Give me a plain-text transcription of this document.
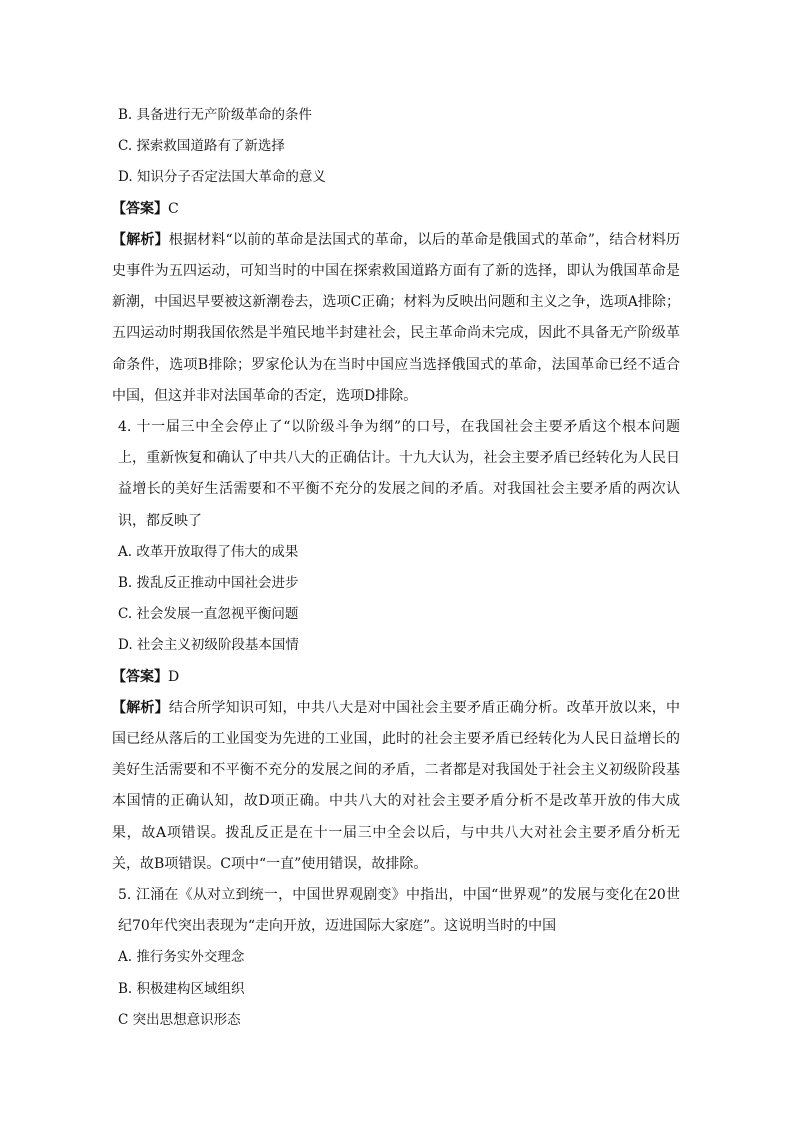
B. 具备进行无产阶级革命的条件
C. 探索救国道路有了新选择
D. 知识分子否定法国大革命的意义
【答案】C
【解析】根据材料“以前的革命是法国式的革命，以后的革命是俄国式的革命”，结合材料历史事件为五四运动，可知当时的中国在探索救国道路方面有了新的选择，即认为俄国革命是新潮，中国迟早要被这新潮卷去，选项C正确；材料为反映出问题和主义之争，选项A排除；五四运动时期我国依然是半殖民地半封建社会，民主革命尚未完成，因此不具备无产阶级革命条件，选项B排除；罗家伦认为在当时中国应当选择俄国式的革命，法国革命已经不适合中国，但这并非对法国革命的否定，选项D排除。
4. 十一届三中全会停止了“以阶级斗争为纲”的口号，在我国社会主要矛盾这个根本问题上，重新恢复和确认了中共八大的正确估计。十九大认为，社会主要矛盾已经转化为人民日益增长的美好生活需要和不平衡不充分的发展之间的矛盾。对我国社会主要矛盾的两次认识，都反映了
A. 改革开放取得了伟大的成果
B. 拨乱反正推动中国社会进步
C. 社会发展一直忽视平衡问题
D. 社会主义初级阶段基本国情
【答案】D
【解析】结合所学知识可知，中共八大是对中国社会主要矛盾正确分析。改革开放以来，中国已经从落后的工业国变为先进的工业国，此时的社会主要矛盾已经转化为人民日益增长的美好生活需要和不平衡不充分的发展之间的矛盾，二者都是对我国处于社会主义初级阶段基本国情的正确认知，故D项正确。中共八大的对社会主要矛盾分析不是改革开放的伟大成果，故A项错误。拨乱反正是在十一届三中全会以后，与中共八大对社会主要矛盾分析无关，故B项错误。C项中“一直”使用错误，故排除。
5. 江涌在《从对立到统一，中国世界观剧变》中指出，中国“世界观”的发展与变化在20世纪70年代突出表现为“走向开放，迈进国际大家庭”。这说明当时的中国
A. 推行务实外交理念
B. 积极建构区域组织
C 突出思想意识形态
